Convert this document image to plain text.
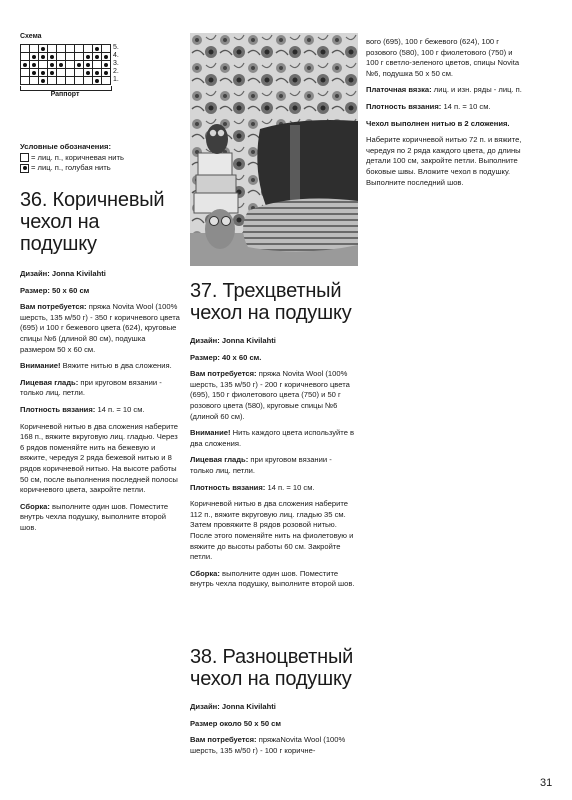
Схема
5.
4.
3.
2.
1.
Раппорт
Условные обозначения:
= лиц. п., коричневая нить
= лиц. п., голубая нить
36. Коричневый
чехол на подушку

Дизайн: Jonna Kivilahti

Размер: 50 x 60 см

Вам потребуется: пряжа Novita Wool (100% шерсть, 135 м/50 г) - 350 г коричневого цвета (695) и 100 г бежевого цвета (624), круговые спицы №6 (длиной 80 см), подушка размером 50 x 60 см.

Внимание! Вяжите нитью в два сложения.

Лицевая гладь: при круговом вязании - только лиц. петли.

Плотность вязания: 14 п. = 10 см.

Коричневой нитью в два сложения наберите 168 п., вяжите вкруговую лиц. гладью. Через 6 рядов поменяйте нить на бежевую и вяжите, чередуя 2 ряда бежевой нитью и 8 рядов коричневой нитью. На высоте работы 50 см, после выполнения последней полосы коричневого цвета, закройте петли.

Сборка: выполните один шов. Поместите внутрь чехла подушку, выполните второй шов.

37. Трехцветный
чехол на подушку

Дизайн: Jonna Kivilahti

Размер: 40 x 60 см.

Вам потребуется: пряжа Novita Wool (100% шерсть, 135 м/50 г) - 200 г коричневого цвета (695), 150 г фиолетового цвета (750) и 50 г розового цвета (580), круговые спицы №6 (длиной 60 см).

Внимание! Нить каждого цвета используйте в два сложения.

Лицевая гладь: при круговом вязании - только лиц. петли.

Плотность вязания: 14 п. = 10 см.

Коричневой нитью в два сложения наберите 112 п., вяжите вкруговую лиц. гладью 35 см. Затем провяжите 8 рядов розовой нитью. После этого поменяйте нить на фиолетовую и вяжите до высоты работы 60 см. Закройте петли.

Сборка: выполните один шов. Поместите внутрь чехла подушку, выполните второй шов.

38. Разноцветный
чехол на подушку

Дизайн: Jonna Kivilahti

Размер около 50 x 50 см

Вам потребуется: пряжаNovita Wool (100% шерсть, 135 м/50 г) - 100 г коричне-

вого (695), 100 г бежевого (624), 100 г розового (580), 100 г фиолетового (750) и 100 г светло-зеленого цветов, спицы Novita №6, подушка 50 x 50 см.

Платочная вязка: лиц. и изн. ряды - лиц. п.

Плотность вязания: 14 п. = 10 см.

Чехол выполнен нитью в 2 сложения.

Наберите коричневой нитью 72 п. и вяжите, чередуя по 2 ряда каждого цвета, до длины детали 100 см, закройте петли. Выполните боковые швы. Вложите чехол в подушку. Выполните последний шов.

31
